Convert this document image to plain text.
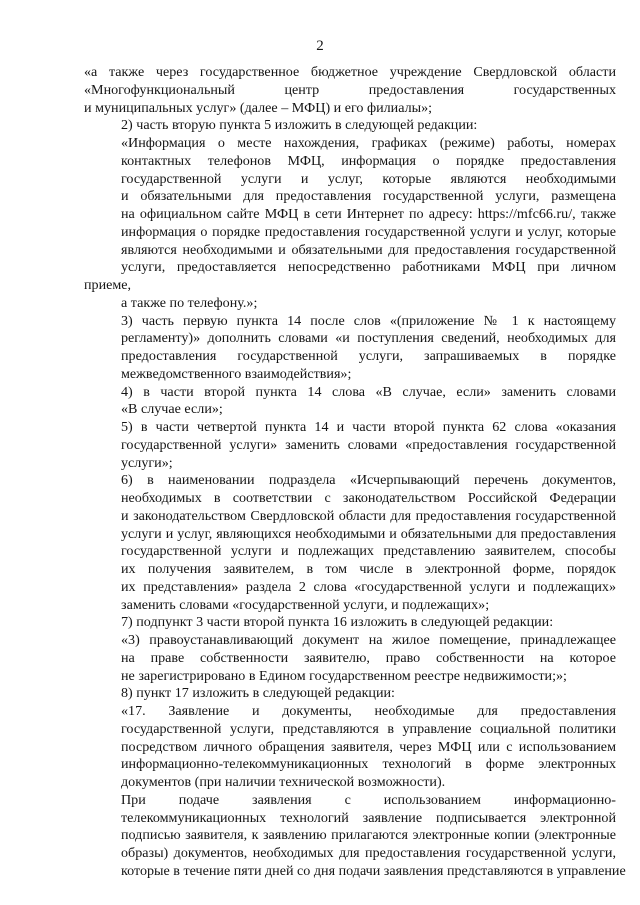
2
«а также через государственное бюджетное учреждение Свердловской области
«Многофункциональный центр предоставления государственных
и муниципальных услуг» (далее – МФЦ) и его филиалы»;
2) часть вторую пункта 5 изложить в следующей редакции:
«Информация о месте нахождения, графиках (режиме) работы, номерах
контактных телефонов МФЦ, информация о порядке предоставления
государственной услуги и услуг, которые являются необходимыми
и обязательными для предоставления государственной услуги, размещена
на официальном сайте МФЦ в сети Интернет по адресу: https://mfc66.ru/, также
информация о порядке предоставления государственной услуги и услуг, которые
являются необходимыми и обязательными для предоставления государственной
услуги, предоставляется непосредственно работниками МФЦ при личном приеме,
а также по телефону.»;
3) часть первую пункта 14 после слов «(приложение № 1 к настоящему
регламенту)» дополнить словами «и поступления сведений, необходимых для
предоставления государственной услуги, запрашиваемых в порядке
межведомственного взаимодействия»;
4) в части второй пункта 14 слова «В случае, если» заменить словами
«В случае если»;
5) в части четвертой пункта 14 и части второй пункта 62 слова «оказания
государственной услуги» заменить словами «предоставления государственной
услуги»;
6) в наименовании подраздела «Исчерпывающий перечень документов,
необходимых в соответствии с законодательством Российской Федерации
и законодательством Свердловской области для предоставления государственной
услуги и услуг, являющихся необходимыми и обязательными для предоставления
государственной услуги и подлежащих представлению заявителем, способы
их получения заявителем, в том числе в электронной форме, порядок
их представления» раздела 2 слова «государственной услуги и подлежащих»
заменить словами «государственной услуги, и подлежащих»;
7) подпункт 3 части второй пункта 16 изложить в следующей редакции:
«3) правоустанавливающий документ на жилое помещение, принадлежащее
на праве собственности заявителю, право собственности на которое
не зарегистрировано в Едином государственном реестре недвижимости;»;
8) пункт 17 изложить в следующей редакции:
«17. Заявление и документы, необходимые для предоставления
государственной услуги, представляются в управление социальной политики
посредством личного обращения заявителя, через МФЦ или с использованием
информационно-телекоммуникационных технологий в форме электронных
документов (при наличии технической возможности).
При подаче заявления с использованием информационно-
телекоммуникационных технологий заявление подписывается электронной
подписью заявителя, к заявлению прилагаются электронные копии (электронные
образы) документов, необходимых для предоставления государственной услуги,
которые в течение пяти дней со дня подачи заявления представляются в управление
